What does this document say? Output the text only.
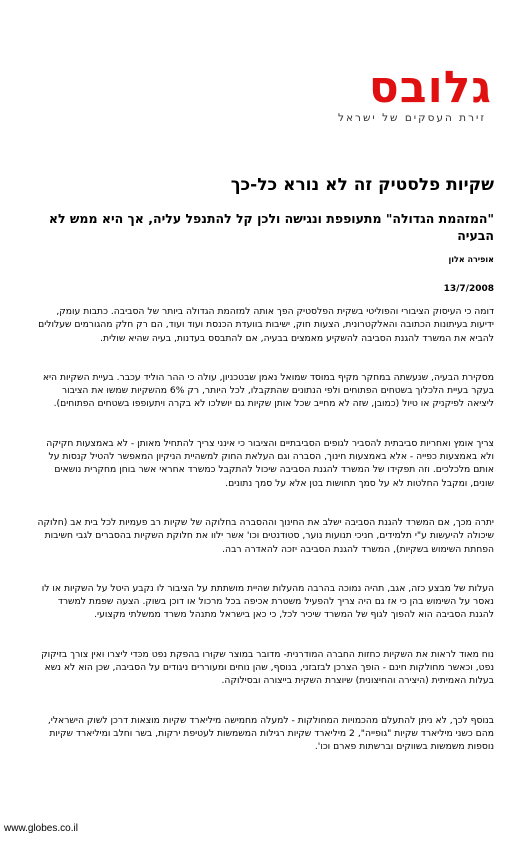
גלובס
זירת העסקים של ישראל
שקיות פלסטיק זה לא נורא כל-כך
"המזהמת הגדולה" מתעופפת ונגישה ולכן קל להתנפל עליה, אך היא ממש לא הבעיה
אופירה אלון
13/7/2008

דומה כי העיסוק הציבורי והפוליטי בשקית הפלסטיק הפך אותה למזהמת הגדולה ביותר של הסביבה. כתבות עומק, ידיעות בעיתונות הכתובה והאלקטרונית, הצעות חוק, ישיבות בוועדת הכנסת ועוד ועוד, הם רק חלק מהגורמים שעלולים להביא את המשרד להגנת הסביבה להשקיע מאמצים בבעיה, אם להתבסס בעדנות, בעיה שהיא שולית.

מסקירת הבעיה, שנעשתה במחקר מקיף במוסד שמואל נאמן שבטכניון, עולה כי ההר הוליד עכבר. בעיית השקיות היא בעקר בעיית הלכלוך בשטחים הפתוחים ולפי הנתונים שהתקבלו, לכל היותר, רק 6% מהשקיות שמשו את הציבור ליציאה לפיקניק או טיול (כמובן, שזה לא מחייב שכל אותן שקיות גם יושלכו לא בקרה ויתעופפו בשטחים הפתוחים).

צריך אומץ ואחריות סביבתית להסביר לגופים הסביבתיים והציבור כי אינני צריך להתחיל מאותן - לא באמצעות חקיקה ולא באמצעות כפייה - אלא באמצעות חינוך, הסברה וגם העלאת החוק למשהיית הניקיון המאפשר להטיל קנסות על אותם מלכלכים. וזה תפקידו של המשרד להגנת הסביבה שיכול להתקבל כמשרד אחראי אשר בוחן מחקרית נושאים שונים, ומקבל החלטות לא על סמך תחושות בטן אלא על סמך נתונים.

יתרה מכך, אם המשרד להגנת הסביבה ישלב את החינוך וההסברה בחלוקה של שקיות רב פעמיות לכל בית אב (חלוקה שיכולה להיעשות ע"י תלמידים, חניכי תנועות נוער, סטודנטים וכו' אשר ילוו את חלוקת השקיות בהסברים לגבי חשיבות הפחתת השימוש בשקיות), המשרד להגנת הסביבה יזכה להאדרה רבה.

העלות של מבצע כזה, אגב, תהיה נמוכה בהרבה מהעלות שהיית מושתתת על הציבור לו נקבע היטל על השקיות או לו נאסר על השימוש בהן כי אז גם היה צריך להפעיל משטרת אכיפה בכל מרכול או דוכן בשוק. הצעה שפמת למשרד להגנת הסביבה הוא להפוך לגוף של המשרד שיכיר לכל, כי כאן בישראל מתנהל משרד ממשלתי מקצועי.

נוח מאוד לראות את השקיות כחזות החברה המודרנית- מדובר במוצר שקוּרו בהפקת נפט מכּדי ליצרו ואין צורך בזיקוק נפט, וכאשר מחולקות חינם - הופך הצרכן לבזבזני, בנוסף, שהן נוחים ומעוררים ניגודים על הסביבה, שכן הוא לא נשא בעלות האמיתית (היצירה והחיצונית) שיוצרת השקית בייצורה ובסילוקה.

בנוסף לכך, לא ניתן להתעלם מהכמויות המחולקות - למעלה מחמישה מיליארד שקיות מוצאות דרכן לשוק הישראלי, מהם כשני מיליארד שקיות "גופייה", 2 מיליארד שקיות רגילות המשמשות לעטיפת ירקות, בשר וחלב ומיליארד שקיות נוספות משמשות בשווקים וברשתות פארם וכו'.

www.globes.co.il
